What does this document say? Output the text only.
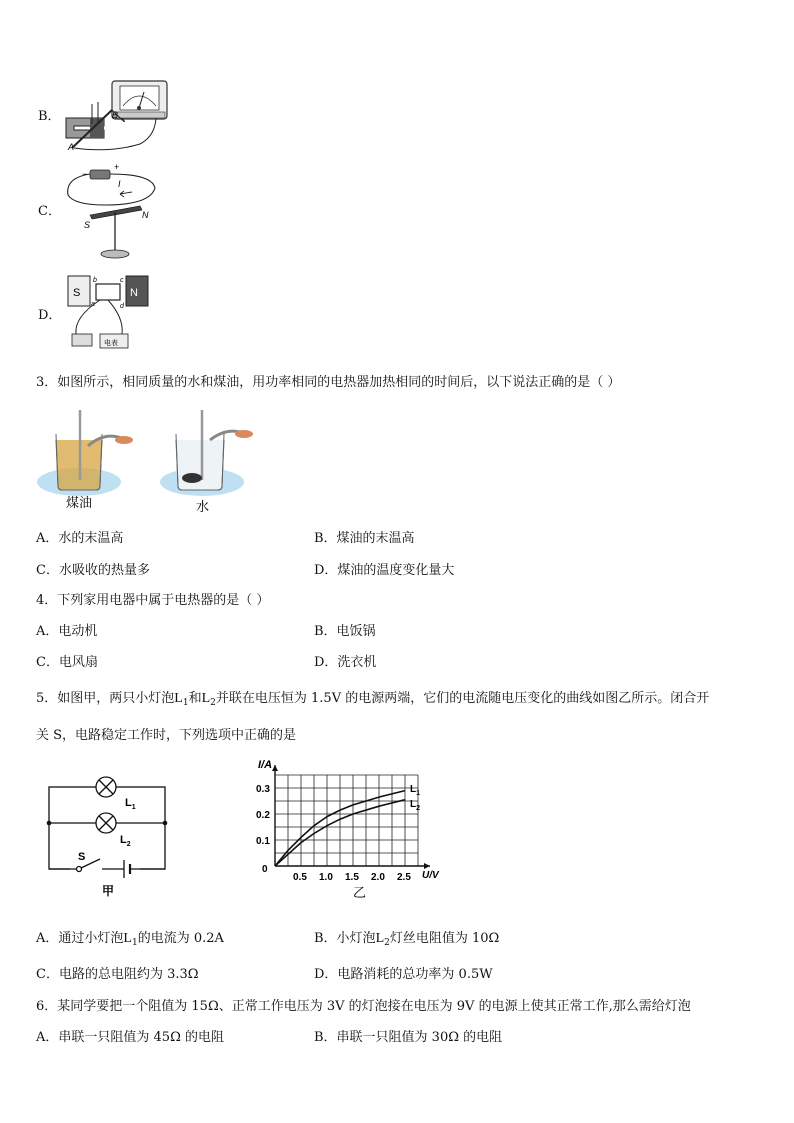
B．
A
B
C．
−
+
I
S
N
D．
S	N
b	c
a	d
电表
3．如图所示，相同质量的水和煤油，用功率相同的电热器加热相同的时间后，以下说法正确的是（ ）
煤油	水
A．水的末温高	B．煤油的末温高
C．水吸收的热量多	D．煤油的温度变化量大
4．下列家用电器中属于电热器的是（ ）
A．电动机	B．电饭锅
C．电风扇	D．洗衣机
5．如图甲，两只小灯泡$L_1$和$L_2$并联在电压恒为 1.5V 的电源两端，它们的电流随电压变化的曲线如图乙所示。闭合开
关 S，电路稳定工作时，下列选项中正确的是
$L_1$
$L_2$
S
甲
0.5 1.0 1.5 2.0 2.5
0.1
0.2
0.3
I/A
U/V
0
乙
$L_1$
$L_2$
A．通过小灯泡$L_1$的电流为 0.2A	B．小灯泡$L_2$灯丝电阻值为 10Ω
C．电路的总电阻约为 3.3Ω	D．电路消耗的总功率为 0.5W
6．某同学要把一个阻值为 15Ω、正常工作电压为 3V 的灯泡接在电压为 9V 的电源上使其正常工作,那么需给灯泡
A．串联一只阻值为 45Ω 的电阻	B．串联一只阻值为 30Ω 的电阻
